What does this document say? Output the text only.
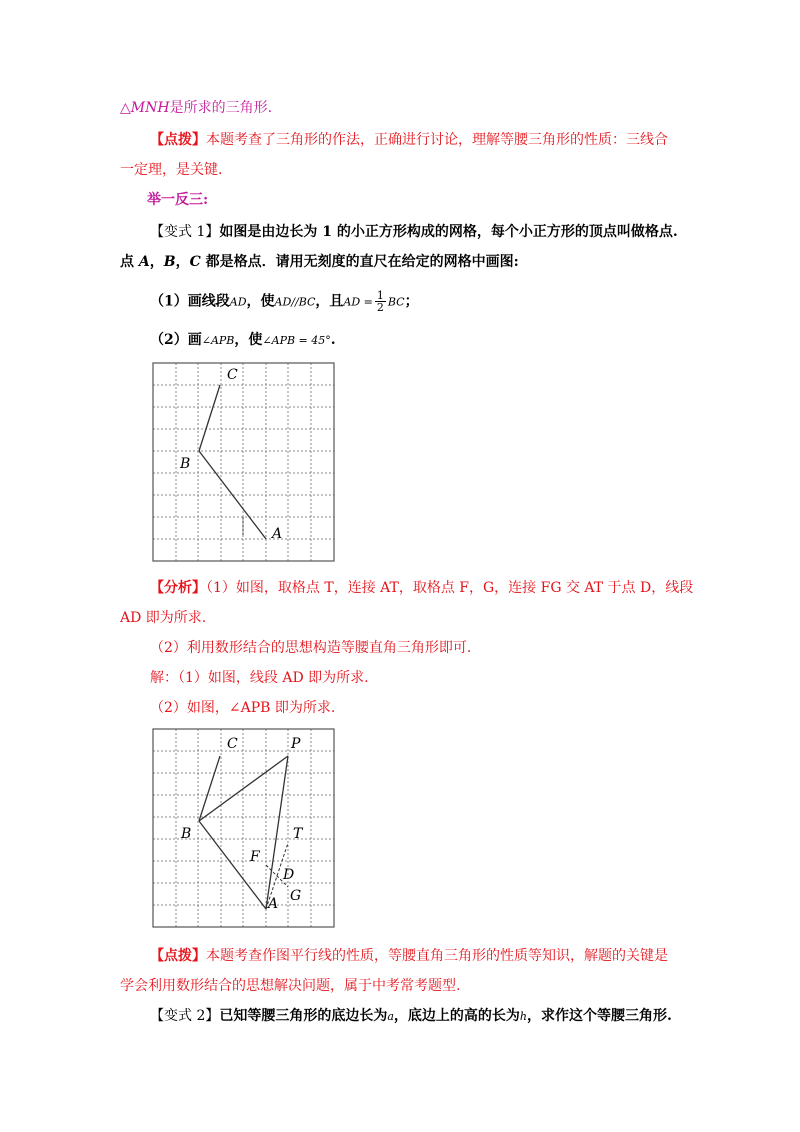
△MNH是所求的三角形.
【点拨】本题考查了三角形的作法，正确进行讨论，理解等腰三角形的性质：三线合
一定理，是关键.
举一反三:
【变式 1】如图是由边长为 1 的小正方形构成的网格，每个小正方形的顶点叫做格点.
点 A，B，C 都是格点．请用无刻度的直尺在给定的网格中画图:
（1）画线段AD，使AD//BC，且AD = $\frac{1}{2}$ BC；
（2）画∠APB，使∠APB = 45°.
C
B
A
【分析】（1）如图，取格点 T，连接 AT，取格点 F，G，连接 FG 交 AT 于点 D，线段
AD 即为所求.
（2）利用数形结合的思想构造等腰直角三角形即可.
解：（1）如图，线段 AD 即为所求.
（2）如图，∠APB 即为所求.
C	P
B	T
F
D
G
A
【点拨】本题考查作图平行线的性质，等腰直角三角形的性质等知识，解题的关键是
学会利用数形结合的思想解决问题，属于中考常考题型.
【变式 2】已知等腰三角形的底边长为a，底边上的高的长为h，求作这个等腰三角形.
